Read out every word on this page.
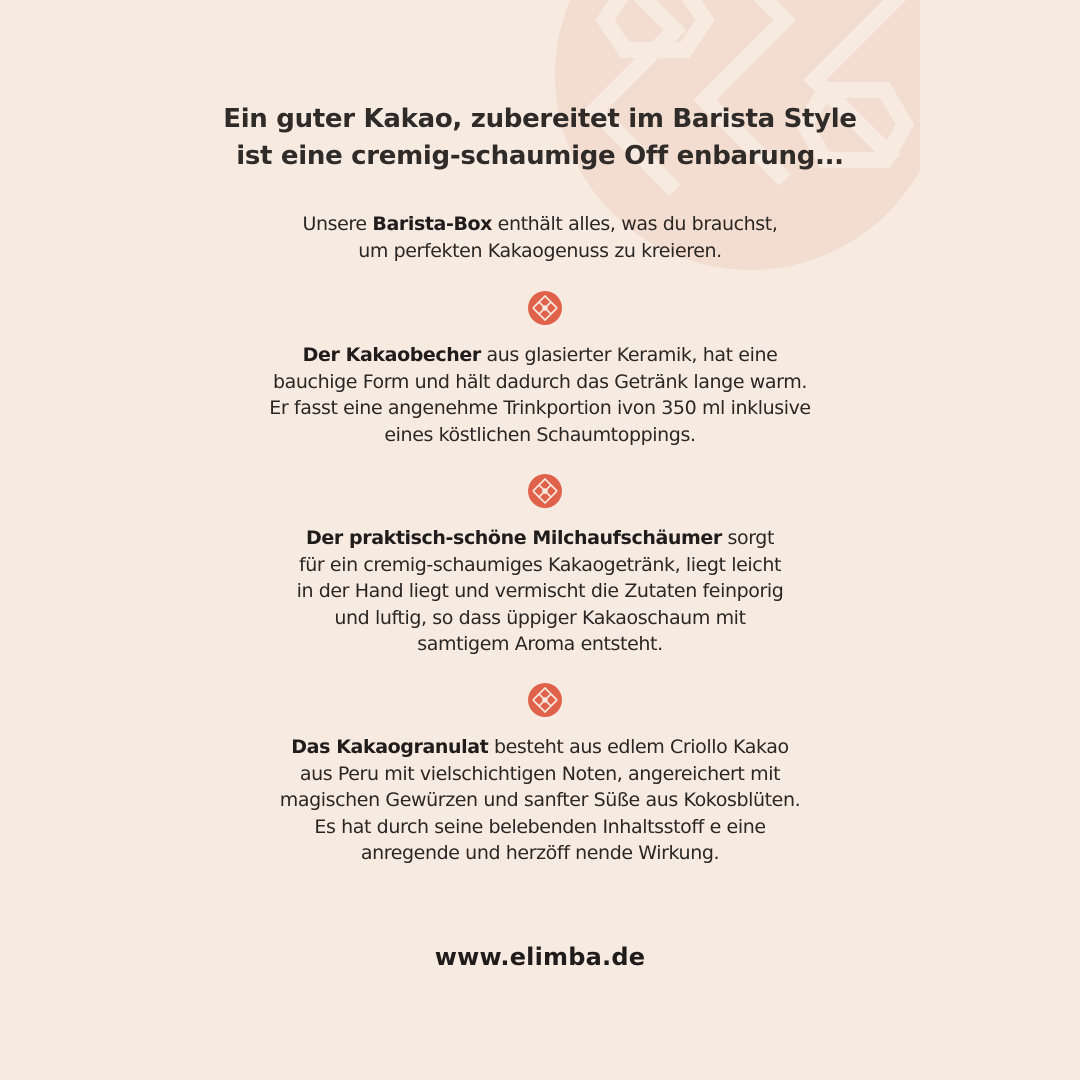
Ein guter Kakao, zubereitet im Barista Style
ist eine cremig-schaumige Off enbarung...
Unsere Barista-Box enthält alles, was du brauchst,
um perfekten Kakaogenuss zu kreieren.
Der Kakaobecher aus glasierter Keramik, hat eine
bauchige Form und hält dadurch das Getränk lange warm.
Er fasst eine angenehme Trinkportion ivon 350 ml inklusive
eines köstlichen Schaumtoppings.
Der praktisch-schöne Milchaufschäumer sorgt
für ein cremig-schaumiges Kakaogetränk, liegt leicht
in der Hand liegt und vermischt die Zutaten feinporig
und luftig, so dass üppiger Kakaoschaum mit
samtigem Aroma entsteht.
Das Kakaogranulat besteht aus edlem Criollo Kakao
aus Peru mit vielschichtigen Noten, angereichert mit
magischen Gewürzen und sanfter Süße aus Kokosblüten.
Es hat durch seine belebenden Inhaltsstoff e eine
anregende und herzöff nende Wirkung.
www.elimba.de
